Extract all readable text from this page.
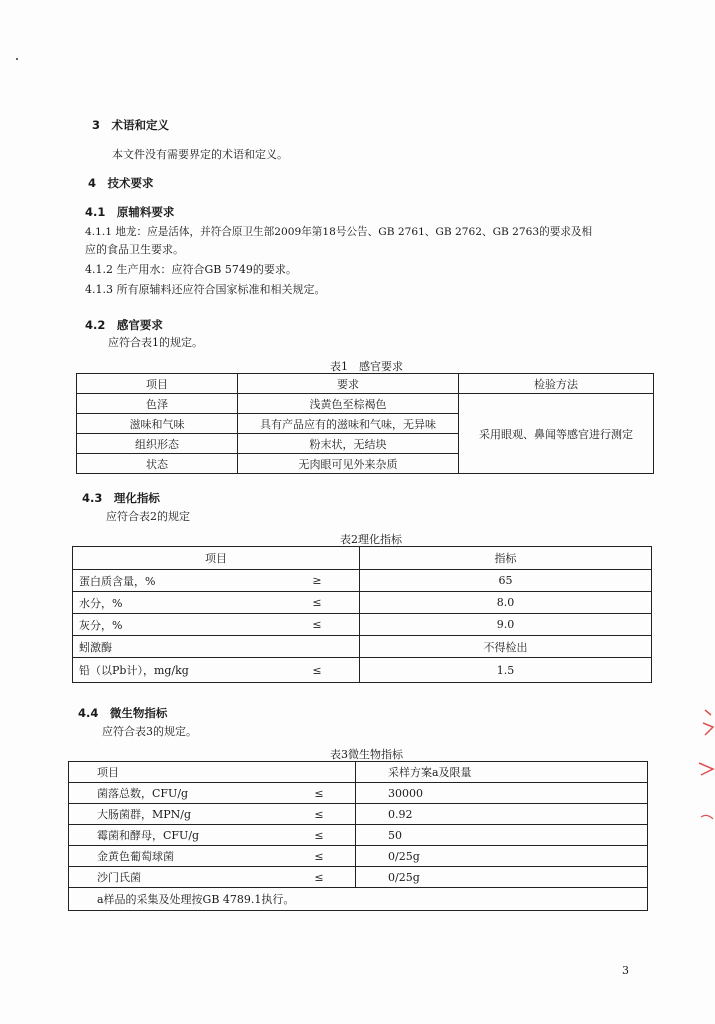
3　术语和定义
本文件没有需要界定的术语和定义。
4　技术要求
4.1　原辅料要求
4.1.1 地龙：应是活体，并符合原卫生部2009年第18号公告、GB 2761、GB 2762、GB 2763的要求及相
应的食品卫生要求。
4.1.2 生产用水：应符合GB 5749的要求。
4.1.3 所有原辅料还应符合国家标准和相关规定。
4.2　感官要求
应符合表1的规定。
表1　感官要求
项目	要求	检验方法
色泽	浅黄色至棕褐色	采用眼观、鼻闻等感官进行测定
滋味和气味	具有产品应有的滋味和气味，无异味	
组织形态	粉末状，无结块	
状态	无肉眼可见外来杂质	
4.3　理化指标
应符合表2的规定
表2理化指标
项目		指标
蛋白质含量，%	≥	65
水分，%	≤	8.0
灰分，%	≤	9.0
蚓激酶		不得检出
铅（以Pb计），mg/kg	≤	1.5
4.4　微生物指标
应符合表3的规定。
表3微生物指标
项目		采样方案a及限量
菌落总数，CFU/g	≤	30000
大肠菌群，MPN/g	≤	0.92
霉菌和酵母，CFU/g	≤	50
金黄色葡萄球菌	≤	0/25g
沙门氏菌	≤	0/25g
a样品的采集及处理按GB 4789.1执行。		
3
